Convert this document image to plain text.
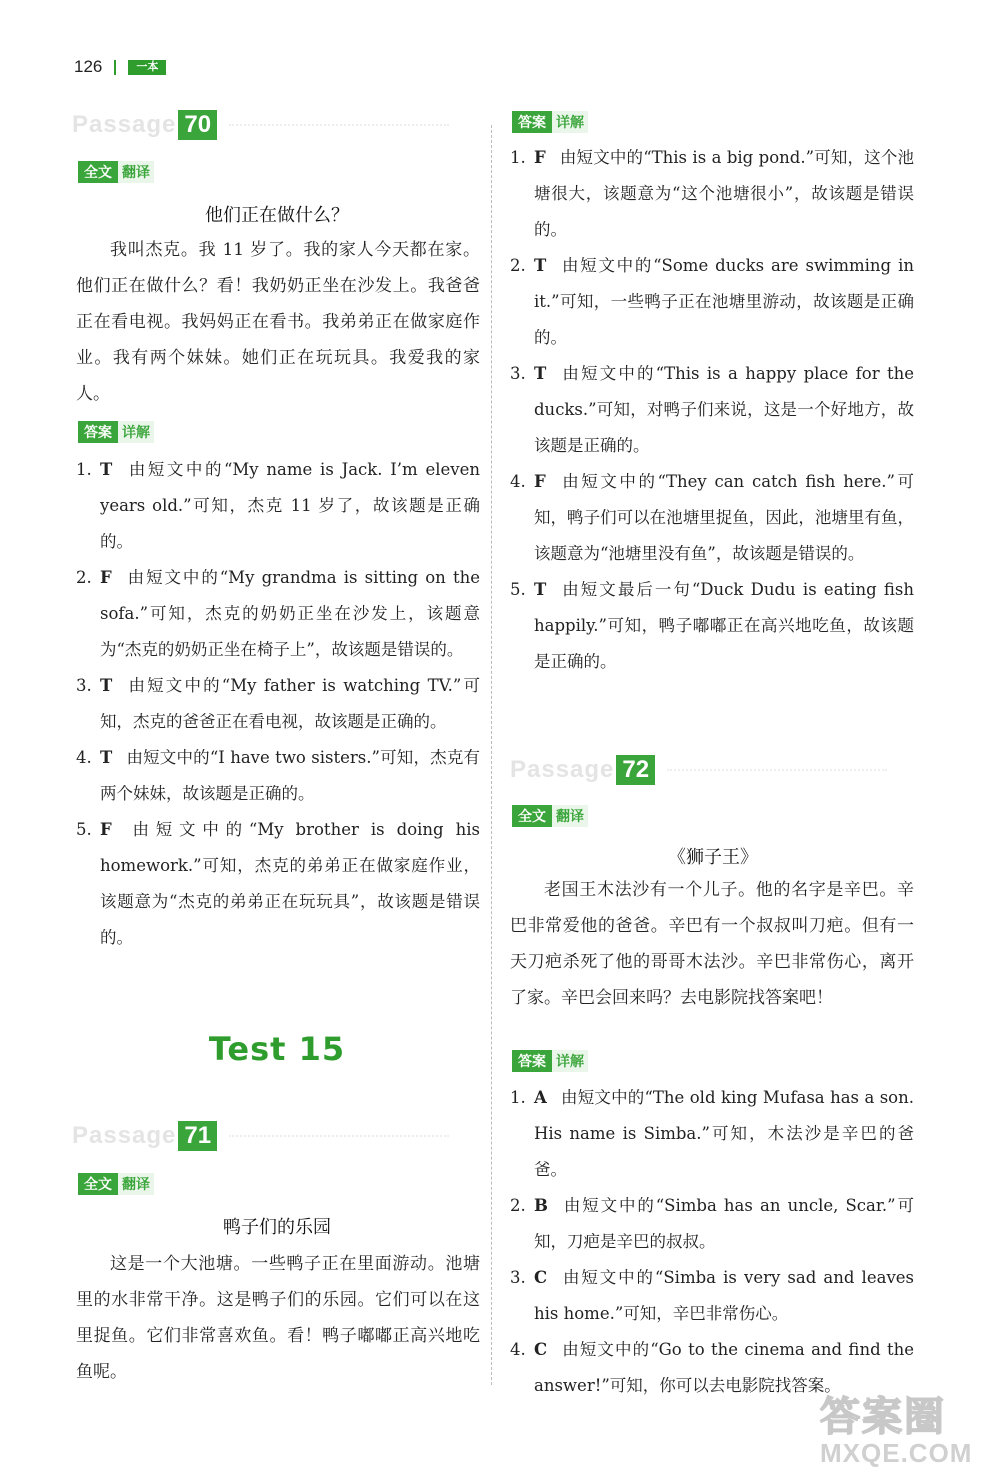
126	一本
Passage 70
全文 翻译
他们正在做什么？

我叫杰克。我 11 岁了。我的家人今天都在家。他们正在做什么？看！我奶奶正坐在沙发上。我爸爸正在看电视。我妈妈正在看书。我弟弟正在做家庭作业。我有两个妹妹。她们正在玩玩具。我爱我的家人。

答案 详解
1. T 由短文中的“My name is Jack. I’m eleven years old.”可知，杰克 11 岁了，故该题是正确的。
2. F 由短文中的“My grandma is sitting on the sofa.”可知，杰克的奶奶正坐在沙发上，该题意为“杰克的奶奶正坐在椅子上”，故该题是错误的。
3. T 由短文中的“My father is watching TV.”可知，杰克的爸爸正在看电视，故该题是正确的。
4. T 由短文中的“I have two sisters.”可知，杰克有两个妹妹，故该题是正确的。
5. F 由短文中的“My brother is doing his homework.”可知，杰克的弟弟正在做家庭作业，该题意为“杰克的弟弟正在玩玩具”，故该题是错误的。
Test 15
Passage 71
全文 翻译
鸭子们的乐园

这是一个大池塘。一些鸭子正在里面游动。池塘里的水非常干净。这是鸭子们的乐园。它们可以在这里捉鱼。它们非常喜欢鱼。看！鸭子嘟嘟正高兴地吃鱼呢。

答案 详解
1. F 由短文中的“This is a big pond.”可知，这个池塘很大，该题意为“这个池塘很小”，故该题是错误的。
2. T 由短文中的“Some ducks are swimming in it.”可知，一些鸭子正在池塘里游动，故该题是正确的。
3. T 由短文中的“This is a happy place for the ducks.”可知，对鸭子们来说，这是一个好地方，故该题是正确的。
4. F 由短文中的“They can catch fish here.”可知，鸭子们可以在池塘里捉鱼，因此，池塘里有鱼，该题意为“池塘里没有鱼”，故该题是错误的。
5. T 由短文最后一句“Duck Dudu is eating fish happily.”可知，鸭子嘟嘟正在高兴地吃鱼，故该题是正确的。
Passage 72
全文 翻译
《狮子王》

老国王木法沙有一个儿子。他的名字是辛巴。辛巴非常爱他的爸爸。辛巴有一个叔叔叫刀疤。但有一天刀疤杀死了他的哥哥木法沙。辛巴非常伤心，离开了家。辛巴会回来吗？去电影院找答案吧！

答案 详解
1. A 由短文中的“The old king Mufasa has a son. His name is Simba.”可知，木法沙是辛巴的爸爸。
2. B 由短文中的“Simba has an uncle, Scar.”可知，刀疤是辛巴的叔叔。
3. C 由短文中的“Simba is very sad and leaves his home.”可知，辛巴非常伤心。
4. C 由短文中的“Go to the cinema and find the answer!”可知，你可以去电影院找答案。
答案圈
MXQE.COM
